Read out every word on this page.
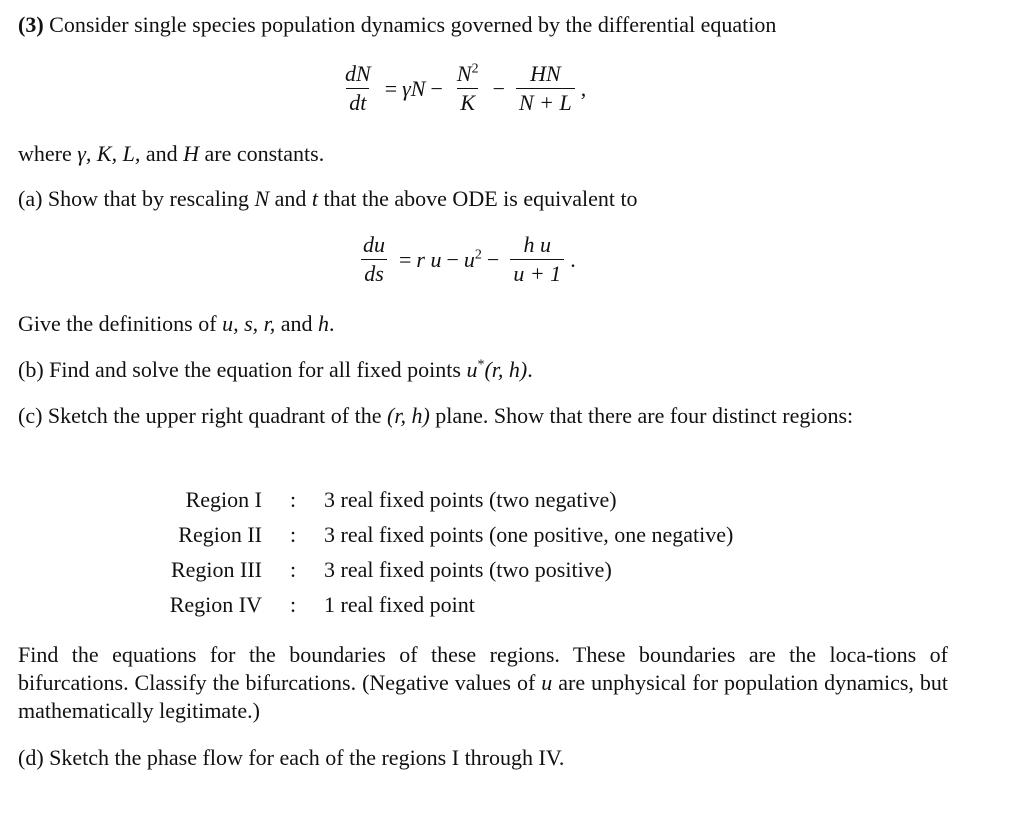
(3) Consider single species population dynamics governed by the differential equation

$\frac{dN}{dt} = \gamma N - \frac{N^2}{K} - \frac{HN}{N + L}$ ,

where γ, K, L, and H are constants.

(a) Show that by rescaling N and t that the above ODE is equivalent to

$\frac{du}{ds} = r$ $u - u^2 - \frac{\text{h u}}{u + 1}$ .

Give the definitions of u, s, r, and h.

(b) Find and solve the equation for all fixed points u*(r, h).

(c) Sketch the upper right quadrant of the (r, h) plane. Show that there are four distinct regions:

Region I	:	3 real fixed points (two negative)
Region II	:	3 real fixed points (one positive, one negative)
Region III	:	3 real fixed points (two positive)
Region IV	:	1 real fixed point

Find the equations for the boundaries of these regions. These boundaries are the loca-tions of bifurcations. Classify the bifurcations. (Negative values of u are unphysical for population dynamics, but mathematically legitimate.)

(d) Sketch the phase flow for each of the regions I through IV.
